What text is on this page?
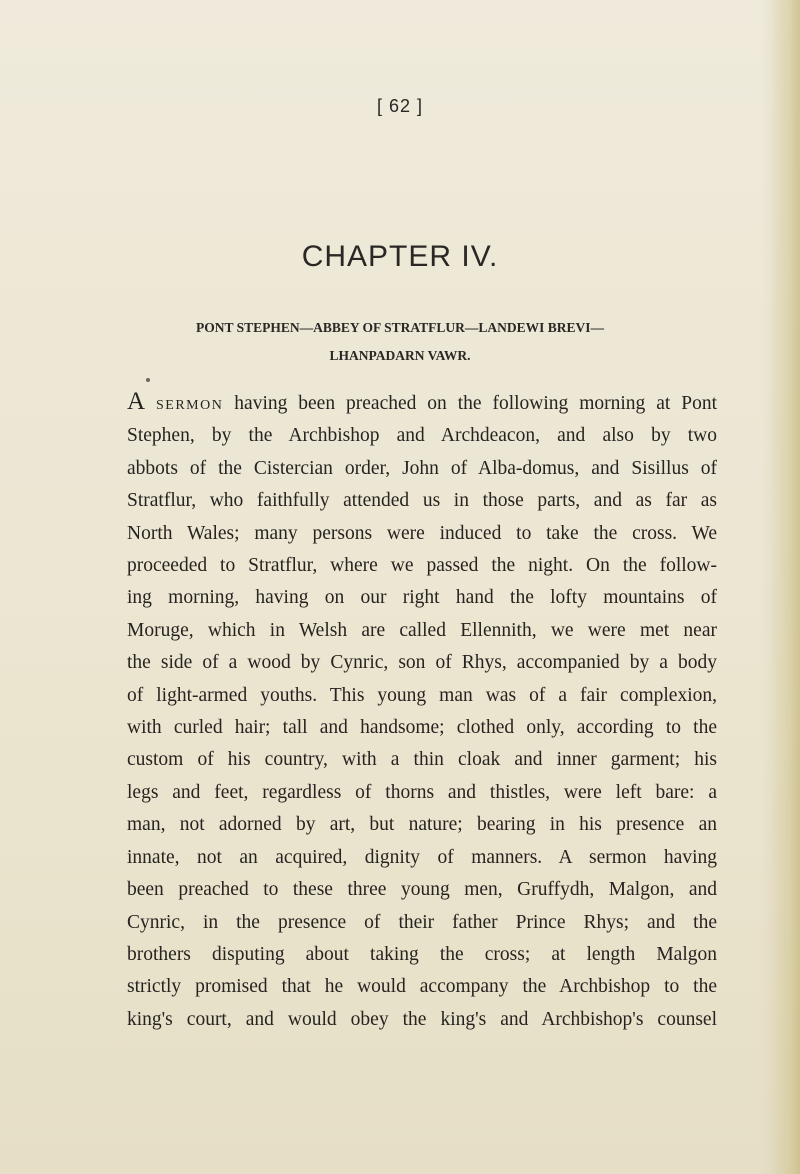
[ 62 ]
CHAPTER IV.
PONT STEPHEN—ABBEY OF STRATFLUR—LANDEWI BREVI—
LHANPADARN VAWR.
A sermon having been preached on the following morning at Pont
Stephen, by the Archbishop and Archdeacon, and also by two
abbots of the Cistercian order, John of Alba-domus, and Sisillus of
Stratflur, who faithfully attended us in those parts, and as far as
North Wales; many persons were induced to take the cross. We
proceeded to Stratflur, where we passed the night. On the follow-
ing morning, having on our right hand the lofty mountains of
Moruge, which in Welsh are called Ellennith, we were met near
the side of a wood by Cynric, son of Rhys, accompanied by a body
of light-armed youths. This young man was of a fair complexion,
with curled hair; tall and handsome; clothed only, according to the
custom of his country, with a thin cloak and inner garment; his
legs and feet, regardless of thorns and thistles, were left bare: a
man, not adorned by art, but nature; bearing in his presence an
innate, not an acquired, dignity of manners. A sermon having
been preached to these three young men, Gruffydh, Malgon, and
Cynric, in the presence of their father Prince Rhys; and the
brothers disputing about taking the cross; at length Malgon
strictly promised that he would accompany the Archbishop to the
king's court, and would obey the king's and Archbishop's counsel
